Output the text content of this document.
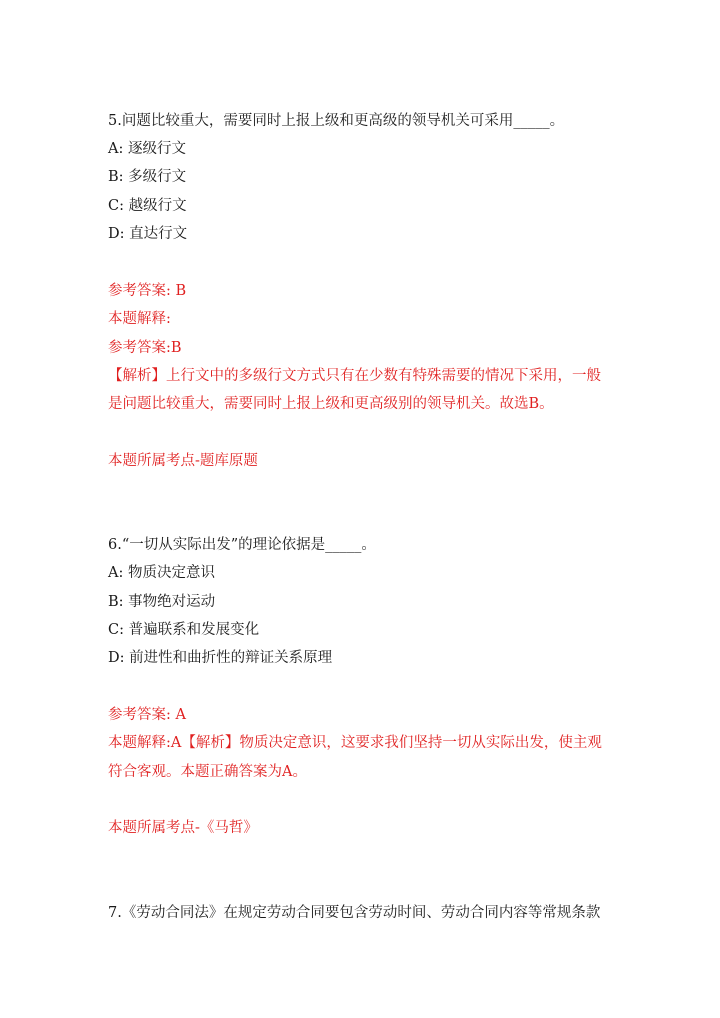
5.问题比较重大，需要同时上报上级和更高级的领导机关可采用_____。
A: 逐级行文
B: 多级行文
C: 越级行文
D: 直达行文
参考答案: B
本题解释:
参考答案:B
【解析】上行文中的多级行文方式只有在少数有特殊需要的情况下采用，一般
是问题比较重大，需要同时上报上级和更高级别的领导机关。故选B。
本题所属考点-题库原题
6.“一切从实际出发”的理论依据是_____。
A: 物质决定意识
B: 事物绝对运动
C: 普遍联系和发展变化
D: 前进性和曲折性的辩证关系原理
参考答案: A
本题解释:A【解析】物质决定意识，这要求我们坚持一切从实际出发，使主观
符合客观。本题正确答案为A。
本题所属考点-《马哲》
7.《劳动合同法》在规定劳动合同要包含劳动时间、劳动合同内容等常规条款
